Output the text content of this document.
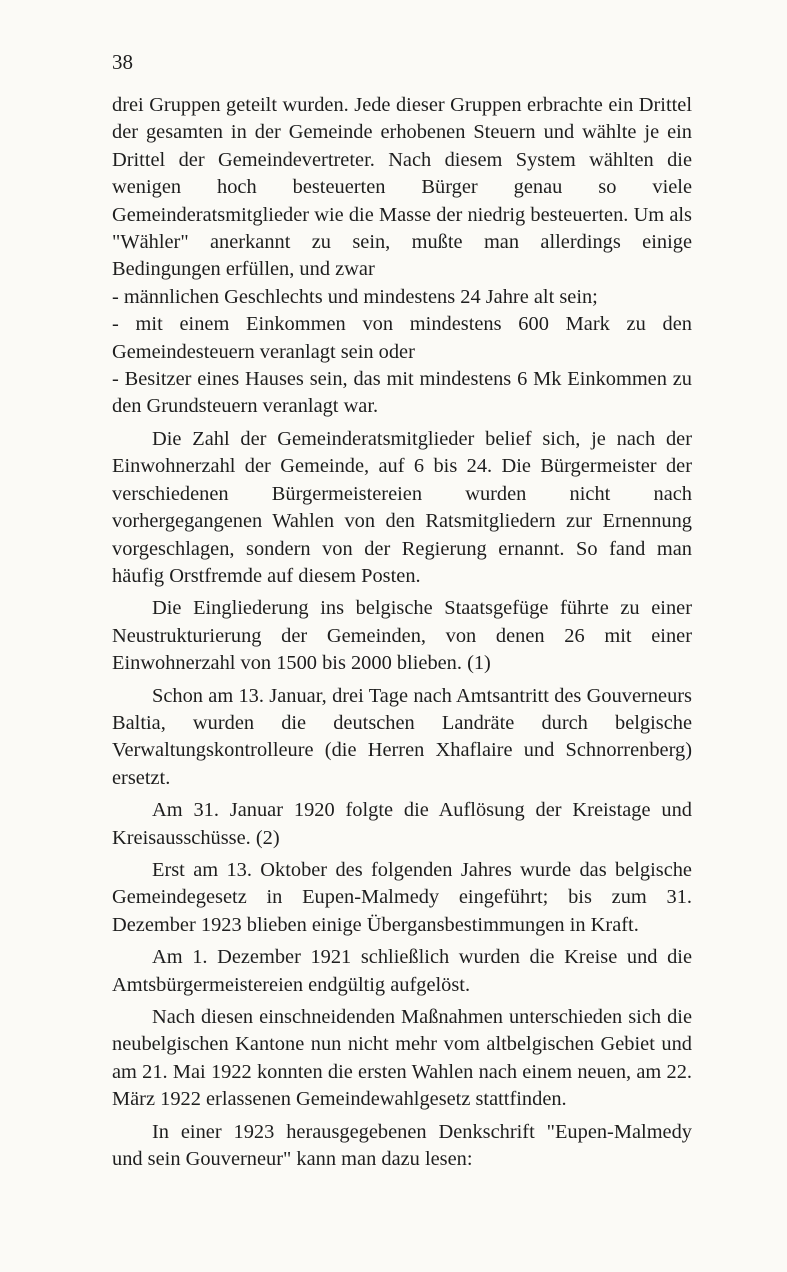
38

drei Gruppen geteilt wurden. Jede dieser Gruppen erbrachte ein Drittel der gesamten in der Gemeinde erhobenen Steuern und wählte je ein Drittel der Gemeindevertreter. Nach diesem System wählten die wenigen hoch besteuerten Bürger genau so viele Gemeinderatsmitglieder wie die Masse der niedrig besteuerten. Um als "Wähler" anerkannt zu sein, mußte man allerdings einige Bedingungen erfüllen, und zwar

- männlichen Geschlechts und mindestens 24 Jahre alt sein;

- mit einem Einkommen von mindestens 600 Mark zu den Gemeindesteuern veranlagt sein oder

- Besitzer eines Hauses sein, das mit mindestens 6 Mk Einkommen zu den Grundsteuern veranlagt war.

Die Zahl der Gemeinderatsmitglieder belief sich, je nach der Einwohnerzahl der Gemeinde, auf 6 bis 24. Die Bürgermeister der verschiedenen Bürgermeistereien wurden nicht nach vorhergegangenen Wahlen von den Ratsmitgliedern zur Ernennung vorgeschlagen, sondern von der Regierung ernannt. So fand man häufig Orstfremde auf diesem Posten.

Die Eingliederung ins belgische Staatsgefüge führte zu einer Neustrukturierung der Gemeinden, von denen 26 mit einer Einwohnerzahl von 1500 bis 2000 blieben. (1)

Schon am 13. Januar, drei Tage nach Amtsantritt des Gouverneurs Baltia, wurden die deutschen Landräte durch belgische Verwaltungskontrolleure (die Herren Xhaflaire und Schnorrenberg) ersetzt.

Am 31. Januar 1920 folgte die Auflösung der Kreistage und Kreisausschüsse. (2)

Erst am 13. Oktober des folgenden Jahres wurde das belgische Gemeindegesetz in Eupen-Malmedy eingeführt; bis zum 31. Dezember 1923 blieben einige Übergansbestimmungen in Kraft.

Am 1. Dezember 1921 schließlich wurden die Kreise und die Amtsbürgermeistereien endgültig aufgelöst.

Nach diesen einschneidenden Maßnahmen unterschieden sich die neubelgischen Kantone nun nicht mehr vom altbelgischen Gebiet und am 21. Mai 1922 konnten die ersten Wahlen nach einem neuen, am 22. März 1922 erlassenen Gemeindewahlgesetz stattfinden.

In einer 1923 herausgegebenen Denkschrift "Eupen-Malmedy und sein Gouverneur" kann man dazu lesen:
